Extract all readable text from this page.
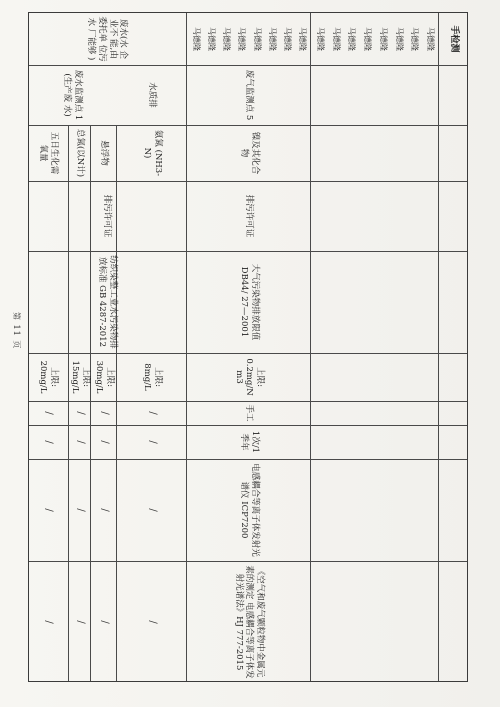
手检测
马德隆
马德隆
马德隆
马德隆
马德隆
马德隆
马德隆
马德隆
马德隆
马德隆
马德隆
马德隆
马德隆
马德隆
马德隆
马德隆
废气监测点 5
镍及其化合物
排污许可证
大气污染物排放限值 DB44/ 27—2001
上限: 0.2mg/N m3
手工
1次/1季年
电感耦合等离子体发射光谱仪 ICP7200
《空气和废气颗粒物中金属元素的测定 电感耦合等离子体发射光谱法》HJ 777-2015
废水(水 企业不 能,由 委托单 位污水 厂能够 )
水质排
废水监测点 1 (生产废 水)
氨氮 (NH3-N)
悬浮物
总氮(以N计)
五日生化需氧量
排污许可证
纺织染整工业水污染物排放标准 GB 4287-2012
上限: 8mg/L
上限: 30mg/L
上限: 15mg/L
上限: 20mg/L
/
/
/
/
/
/
/
/
/
/
/
/
/
/
/
/
第 11 页
